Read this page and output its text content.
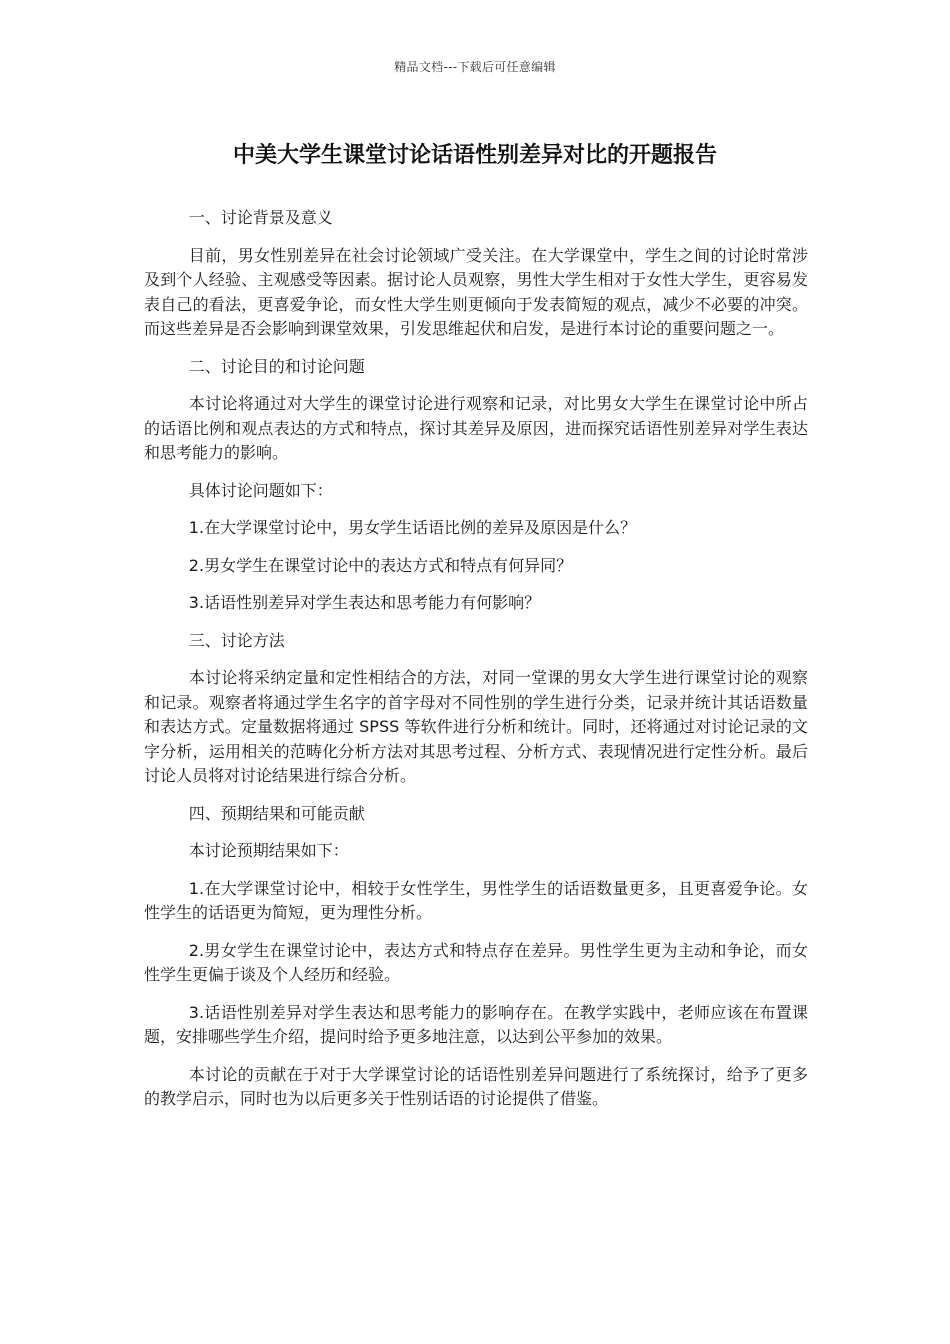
精品文档---下载后可任意编辑
中美大学生课堂讨论话语性别差异对比的开题报告

一、讨论背景及意义

目前，男女性别差异在社会讨论领域广受关注。在大学课堂中，学生之间的讨论时常涉及到个人经验、主观感受等因素。据讨论人员观察，男性大学生相对于女性大学生，更容易发表自己的看法，更喜爱争论，而女性大学生则更倾向于发表简短的观点，减少不必要的冲突。而这些差异是否会影响到课堂效果，引发思维起伏和启发，是进行本讨论的重要问题之一。

二、讨论目的和讨论问题

本讨论将通过对大学生的课堂讨论进行观察和记录，对比男女大学生在课堂讨论中所占的话语比例和观点表达的方式和特点，探讨其差异及原因，进而探究话语性别差异对学生表达和思考能力的影响。

具体讨论问题如下：

1.在大学课堂讨论中，男女学生话语比例的差异及原因是什么？

2.男女学生在课堂讨论中的表达方式和特点有何异同？

3.话语性别差异对学生表达和思考能力有何影响？

三、讨论方法

本讨论将采纳定量和定性相结合的方法，对同一堂课的男女大学生进行课堂讨论的观察和记录。观察者将通过学生名字的首字母对不同性别的学生进行分类，记录并统计其话语数量和表达方式。定量数据将通过 SPSS 等软件进行分析和统计。同时，还将通过对讨论记录的文字分析，运用相关的范畴化分析方法对其思考过程、分析方式、表现情况进行定性分析。最后讨论人员将对讨论结果进行综合分析。

四、预期结果和可能贡献

本讨论预期结果如下：

1.在大学课堂讨论中，相较于女性学生，男性学生的话语数量更多，且更喜爱争论。女性学生的话语更为简短，更为理性分析。

2.男女学生在课堂讨论中，表达方式和特点存在差异。男性学生更为主动和争论，而女性学生更偏于谈及个人经历和经验。

3.话语性别差异对学生表达和思考能力的影响存在。在教学实践中，老师应该在布置课题，安排哪些学生介绍，提问时给予更多地注意，以达到公平参加的效果。

本讨论的贡献在于对于大学课堂讨论的话语性别差异问题进行了系统探讨，给予了更多的教学启示，同时也为以后更多关于性别话语的讨论提供了借鉴。
